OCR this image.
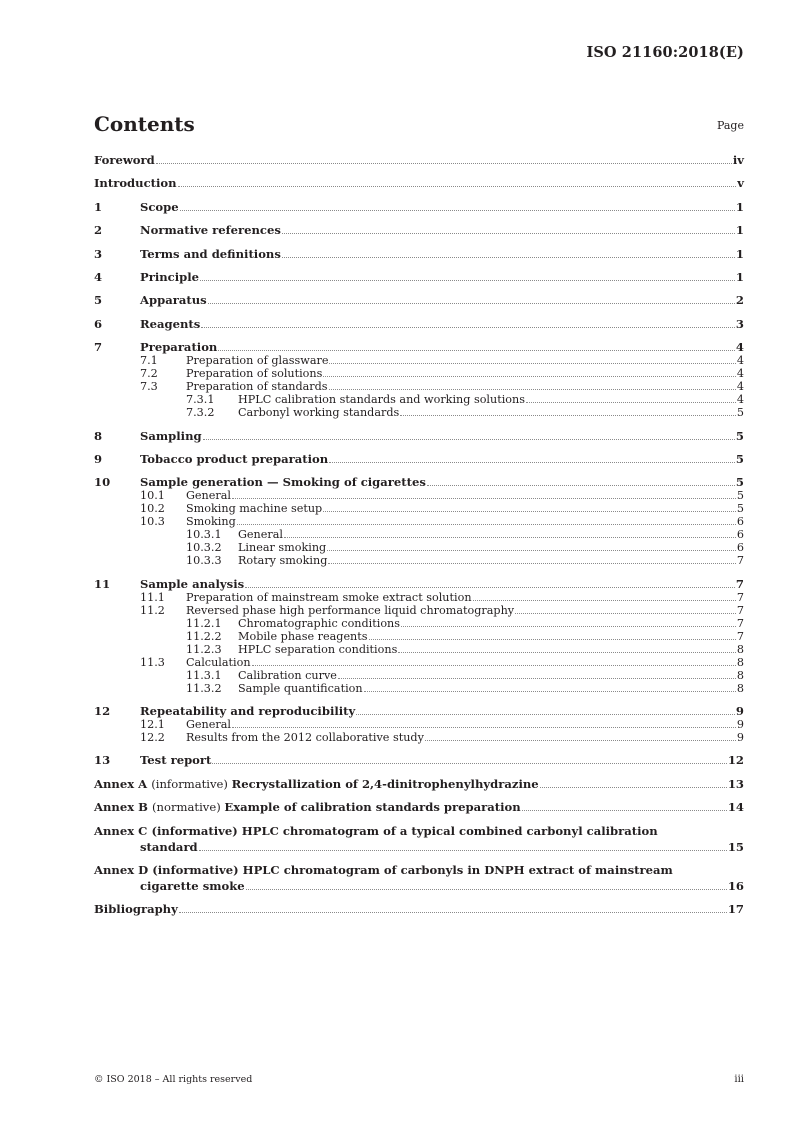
ISO 21160:2018(E)
Contents	Page
Foreword	iv
Introduction	v
1	Scope	1
2	Normative references	1
3	Terms and definitions	1
4	Principle	1
5	Apparatus	2
6	Reagents	3
7	Preparation	4
7.1	Preparation of glassware	4
7.2	Preparation of solutions	4
7.3	Preparation of standards	4
7.3.1	HPLC calibration standards and working solutions	4
7.3.2	Carbonyl working standards	5
8	Sampling	5
9	Tobacco product preparation	5
10	Sample generation — Smoking of cigarettes	5
10.1	General	5
10.2	Smoking machine setup	5
10.3	Smoking	6
10.3.1	General	6
10.3.2	Linear smoking	6
10.3.3	Rotary smoking	7
11	Sample analysis	7
11.1	Preparation of mainstream smoke extract solution	7
11.2	Reversed phase high performance liquid chromatography	7
11.2.1	Chromatographic conditions	7
11.2.2	Mobile phase reagents	7
11.2.3	HPLC separation conditions	8
11.3	Calculation	8
11.3.1	Calibration curve	8
11.3.2	Sample quantification	8
12	Repeatability and reproducibility	9
12.1	General	9
12.2	Results from the 2012 collaborative study	9
13	Test report	12
Annex A (informative) Recrystallization of 2,4-dinitrophenylhydrazine	13
Annex B (normative) Example of calibration standards preparation	14
Annex C (informative) HPLC chromatogram of a typical combined carbonyl calibration
standard	15
Annex D (informative) HPLC chromatogram of carbonyls in DNPH extract of mainstream
cigarette smoke	16
Bibliography	17
© ISO 2018 – All rights reserved	iii
